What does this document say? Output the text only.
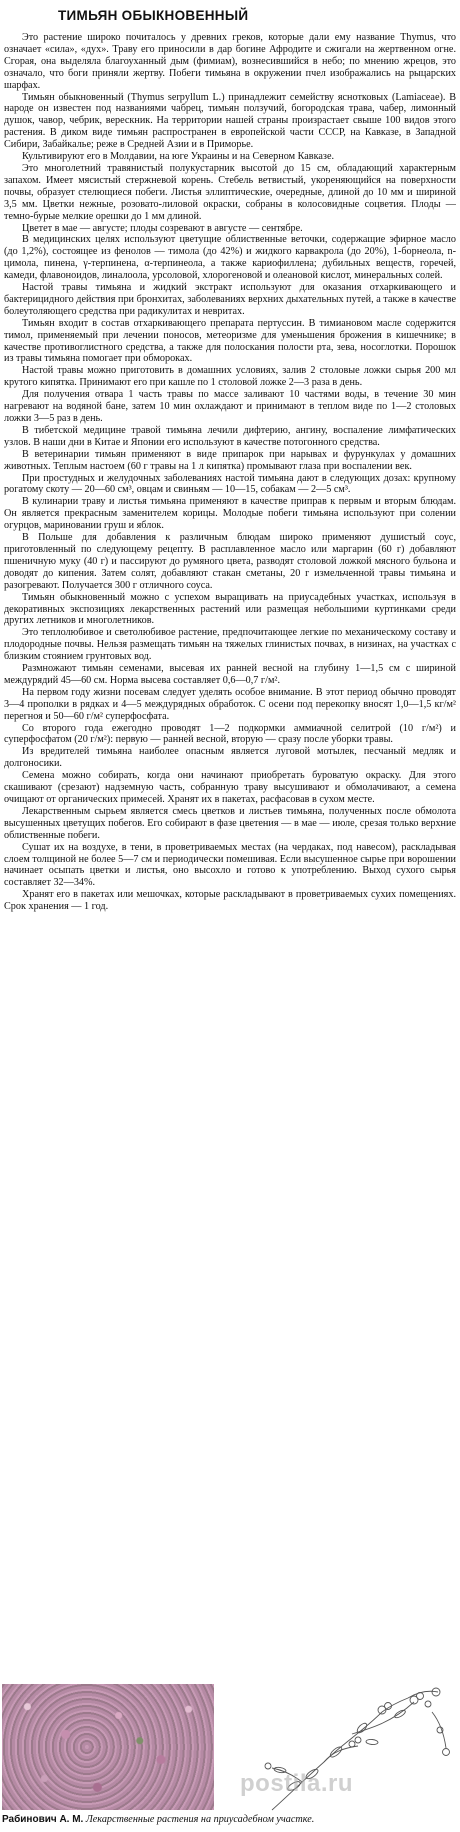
ТИМЬЯН ОБЫКНОВЕННЫЙ

Это растение широко почиталось у древних греков, которые дали ему название Thymus, что означает «сила», «дух». Траву его приносили в дар богине Афродите и сжигали на жертвенном огне. Сгорая, она выделяла благоуханный дым (фимиам), вознесившийся в небо; по мнению жрецов, это означало, что боги приняли жертву. Побеги тимьяна в окружении пчел изображались на рыцарских шарфах.

Тимьян обыкновенный (Thymus serpyllum L.) принадлежит семейству яснотковых (Lamiaceae). В народе он известен под названиями чабрец, тимьян ползучий, богородская трава, чабер, лимонный душок, чавор, чебрик, верескник. На территории нашей страны произрастает свыше 100 видов этого растения. В диком виде тимьян распространен в европейской части СССР, на Кавказе, в Западной Сибири, Забайкалье; реже в Средней Азии и в Приморье.

Культивируют его в Молдавии, на юге Украины и на Северном Кавказе.

Это многолетний травянистый полукустарник высотой до 15 см, обладающий характерным запахом. Имеет мясистый стержневой корень. Стебель ветвистый, укореняющийся на поверхности почвы, образует стелющиеся побеги. Листья эллиптические, очередные, длиной до 10 мм и шириной 3,5 мм. Цветки нежные, розовато-лиловой окраски, собраны в колосовидные соцветия. Плоды — темно-бурые мелкие орешки до 1 мм длиной.

Цветет в мае — августе; плоды созревают в августе — сентябре.

В медицинских целях используют цветущие облиственные веточки, содержащие эфирное масло (до 1,2%), состоящее из фенолов — тимола (до 42%) и жидкого карвакрола (до 20%), 1-борнеола, n-цимола, пинена, γ-терпинена, α-терпинеола, а также кариофиллена; дубильных веществ, горечей, камеди, флавоноидов, линалоола, урсоловой, хлорогеновой и олеановой кислот, минеральных солей.

Настой травы тимьяна и жидкий экстракт используют для оказания отхаркивающего и бактерицидного действия при бронхитах, заболеваниях верхних дыхательных путей, а также в качестве болеутоляющего средства при радикулитах и невритах.

Тимьян входит в состав отхаркивающего препарата пертуссин. В тимиановом масле содержится тимол, применяемый при лечении поносов, метеоризме для уменьшения брожения в кишечнике; в качестве противоглистного средства, а также для полоскания полости рта, зева, носоглотки. Порошок из травы тимьяна помогает при обмороках.

Настой травы можно приготовить в домашних условиях, залив 2 столовые ложки сырья 200 мл крутого кипятка. Принимают его при кашле по 1 столовой ложке 2—3 раза в день.

Для получения отвара 1 часть травы по массе заливают 10 частями воды, в течение 30 мин нагревают на водяной бане, затем 10 мин охлаждают и принимают в теплом виде по 1—2 столовых ложки 3—5 раз в день.

В тибетской медицине травой тимьяна лечили дифтерию, ангину, воспаление лимфатических узлов. В наши дни в Китае и Японии его используют в качестве потогонного средства.

В ветеринарии тимьян применяют в виде припарок при нарывах и фурункулах у домашних животных. Теплым настоем (60 г травы на 1 л кипятка) промывают глаза при воспалении век.

При простудных и желудочных заболеваниях настой тимьяна дают в следующих дозах: крупному рогатому скоту — 20—60 см³, овцам и свиньям — 10—15, собакам — 2—5 см³.

В кулинарии траву и листья тимьяна применяют в качестве приправ к первым и вторым блюдам. Он является прекрасным заменителем корицы. Молодые побеги тимьяна используют при солении огурцов, мариновании груш и яблок.

В Польше для добавления к различным блюдам широко применяют душистый соус, приготовленный по следующему рецепту. В расплавленное масло или маргарин (60 г) добавляют пшеничную муку (40 г) и пассируют до румяного цвета, разводят столовой ложкой мясного бульона и доводят до кипения. Затем солят, добавляют стакан сметаны, 20 г измельченной травы тимьяна и разогревают. Получается 300 г отличного соуса.

Тимьян обыкновенный можно с успехом выращивать на приусадебных участках, используя в декоративных экспозициях лекарственных растений или размещая небольшими куртинками среди других летников и многолетников.

Это теплолюбивое и светолюбивое растение, предпочитающее легкие по механическому составу и плодородные почвы. Нельзя размещать тимьян на тяжелых глинистых почвах, в низинах, на участках с близким стоянием грунтовых вод.

Размножают тимьян семенами, высевая их ранней весной на глубину 1—1,5 см с шириной междурядий 45—60 см. Норма высева составляет 0,6—0,7 г/м².

На первом году жизни посевам следует уделять особое внимание. В этот период обычно проводят 3—4 прополки в рядках и 4—5 междурядных обработок. С осени под перекопку вносят 1,0—1,5 кг/м² перегноя и 50—60 г/м² суперфосфата.

Со второго года ежегодно проводят 1—2 подкормки аммиачной селитрой (10 г/м²) и суперфосфатом (20 г/м²): первую — ранней весной, вторую — сразу после уборки травы.

Из вредителей тимьяна наиболее опасным является луговой мотылек, песчаный медляк и долгоносики.

Семена можно собирать, когда они начинают приобретать буроватую окраску. Для этого скашивают (срезают) надземную часть, собранную траву высушивают и обмолачивают, а семена очищают от органических примесей. Хранят их в пакетах, расфасовав в сухом месте.

Лекарственным сырьем является смесь цветков и листьев тимьяна, полученных после обмолота высушенных цветущих побегов. Его собирают в фазе цветения — в мае — июле, срезая только верхние облиственные побеги.

Сушат их на воздухе, в тени, в проветриваемых местах (на чердаках, под навесом), раскладывая слоем толщиной не более 5—7 см и периодически помешивая. Если высушенное сырье при ворошении начинает осыпать цветки и листья, оно высохло и готово к употреблению. Выход сухого сырья составляет 32—34%.

Хранят его в пакетах или мешочках, которые раскладывают в проветриваемых сухих помещениях. Срок хранения — 1 год.

postila.ru
Рабинович А. М. Лекарственные растения на приусадебном участке.
